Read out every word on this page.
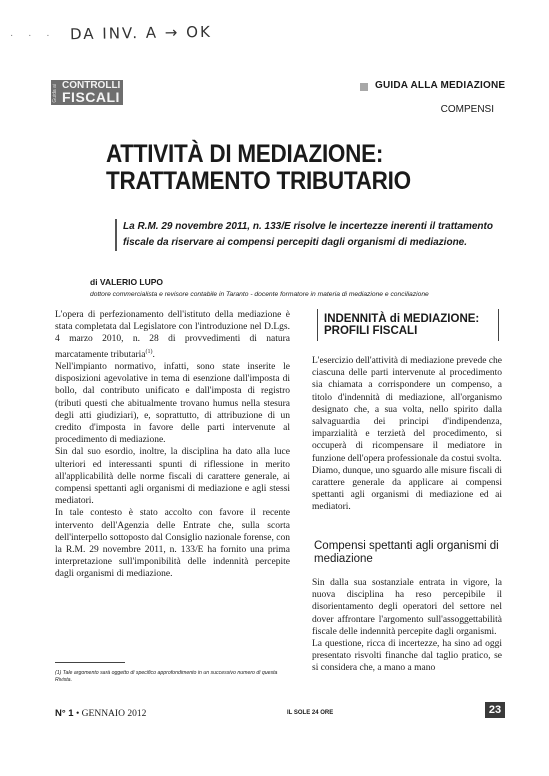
· · · DA INV. A → OK
Guida ai CONTROLLI
FISCALI
GUIDA ALLA MEDIAZIONE
COMPENSI
ATTIVITÀ DI MEDIAZIONE:
TRATTAMENTO TRIBUTARIO
La R.M. 29 novembre 2011, n. 133/E risolve le incertezze inerenti il trattamento fiscale da riservare ai compensi percepiti dagli organismi di mediazione.
di VALERIO LUPO
dottore commercialista e revisore contabile in Taranto - docente formatore in materia di mediazione e conciliazione

L'opera di perfezionamento dell'istituto della mediazione è stata completata dal Legislatore con l'introduzione nel D.Lgs. 4 marzo 2010, n. 28 di provvedimenti di natura marcatamente tributaria$^{(1)}$.

Nell'impianto normativo, infatti, sono state inserite le disposizioni agevolative in tema di esenzione dall'imposta di bollo, dal contributo unificato e dall'imposta di registro (tributi questi che abitualmente trovano humus nella stesura degli atti giudiziari), e, soprattutto, di attribuzione di un credito d'imposta in favore delle parti intervenute al procedimento di mediazione.

Sin dal suo esordio, inoltre, la disciplina ha dato alla luce ulteriori ed interessanti spunti di riflessione in merito all'applicabilità delle norme fiscali di carattere generale, ai compensi spettanti agli organismi di mediazione e agli stessi mediatori.

In tale contesto è stato accolto con favore il recente intervento dell'Agenzia delle Entrate che, sulla scorta dell'interpello sottoposto dal Consiglio nazionale forense, con la R.M. 29 novembre 2011, n. 133/E ha fornito una prima interpretazione sull'imponibilità delle indennità percepite dagli organismi di mediazione.

INDENNITÀ di MEDIAZIONE:
PROFILI FISCALI

L'esercizio dell'attività di mediazione prevede che ciascuna delle parti intervenute al procedimento sia chiamata a corrispondere un compenso, a titolo d'indennità di mediazione, all'organismo designato che, a sua volta, nello spirito dalla salvaguardia dei principi d'indipendenza, imparzialità e terzietà del procedimento, si occuperà di ricompensare il mediatore in funzione dell'opera professionale da costui svolta.

Diamo, dunque, uno sguardo alle misure fiscali di carattere generale da applicare ai compensi spettanti agli organismi di mediazione ed ai mediatori.

Compensi spettanti agli organismi di mediazione

Sin dalla sua sostanziale entrata in vigore, la nuova disciplina ha reso percepibile il disorientamento degli operatori del settore nel dover affrontare l'argomento sull'assoggettabilità fiscale delle indennità percepite dagli organismi.

La questione, ricca di incertezze, ha sino ad oggi presentato risvolti finanche dal taglio pratico, se si considera che, a mano a mano

(1) Tale argomento sarà oggetto di specifico approfondimento in un successivo numero di questa Rivista.
N° 1 • GENNAIO 2012	IL SOLE 24 ORE	23
